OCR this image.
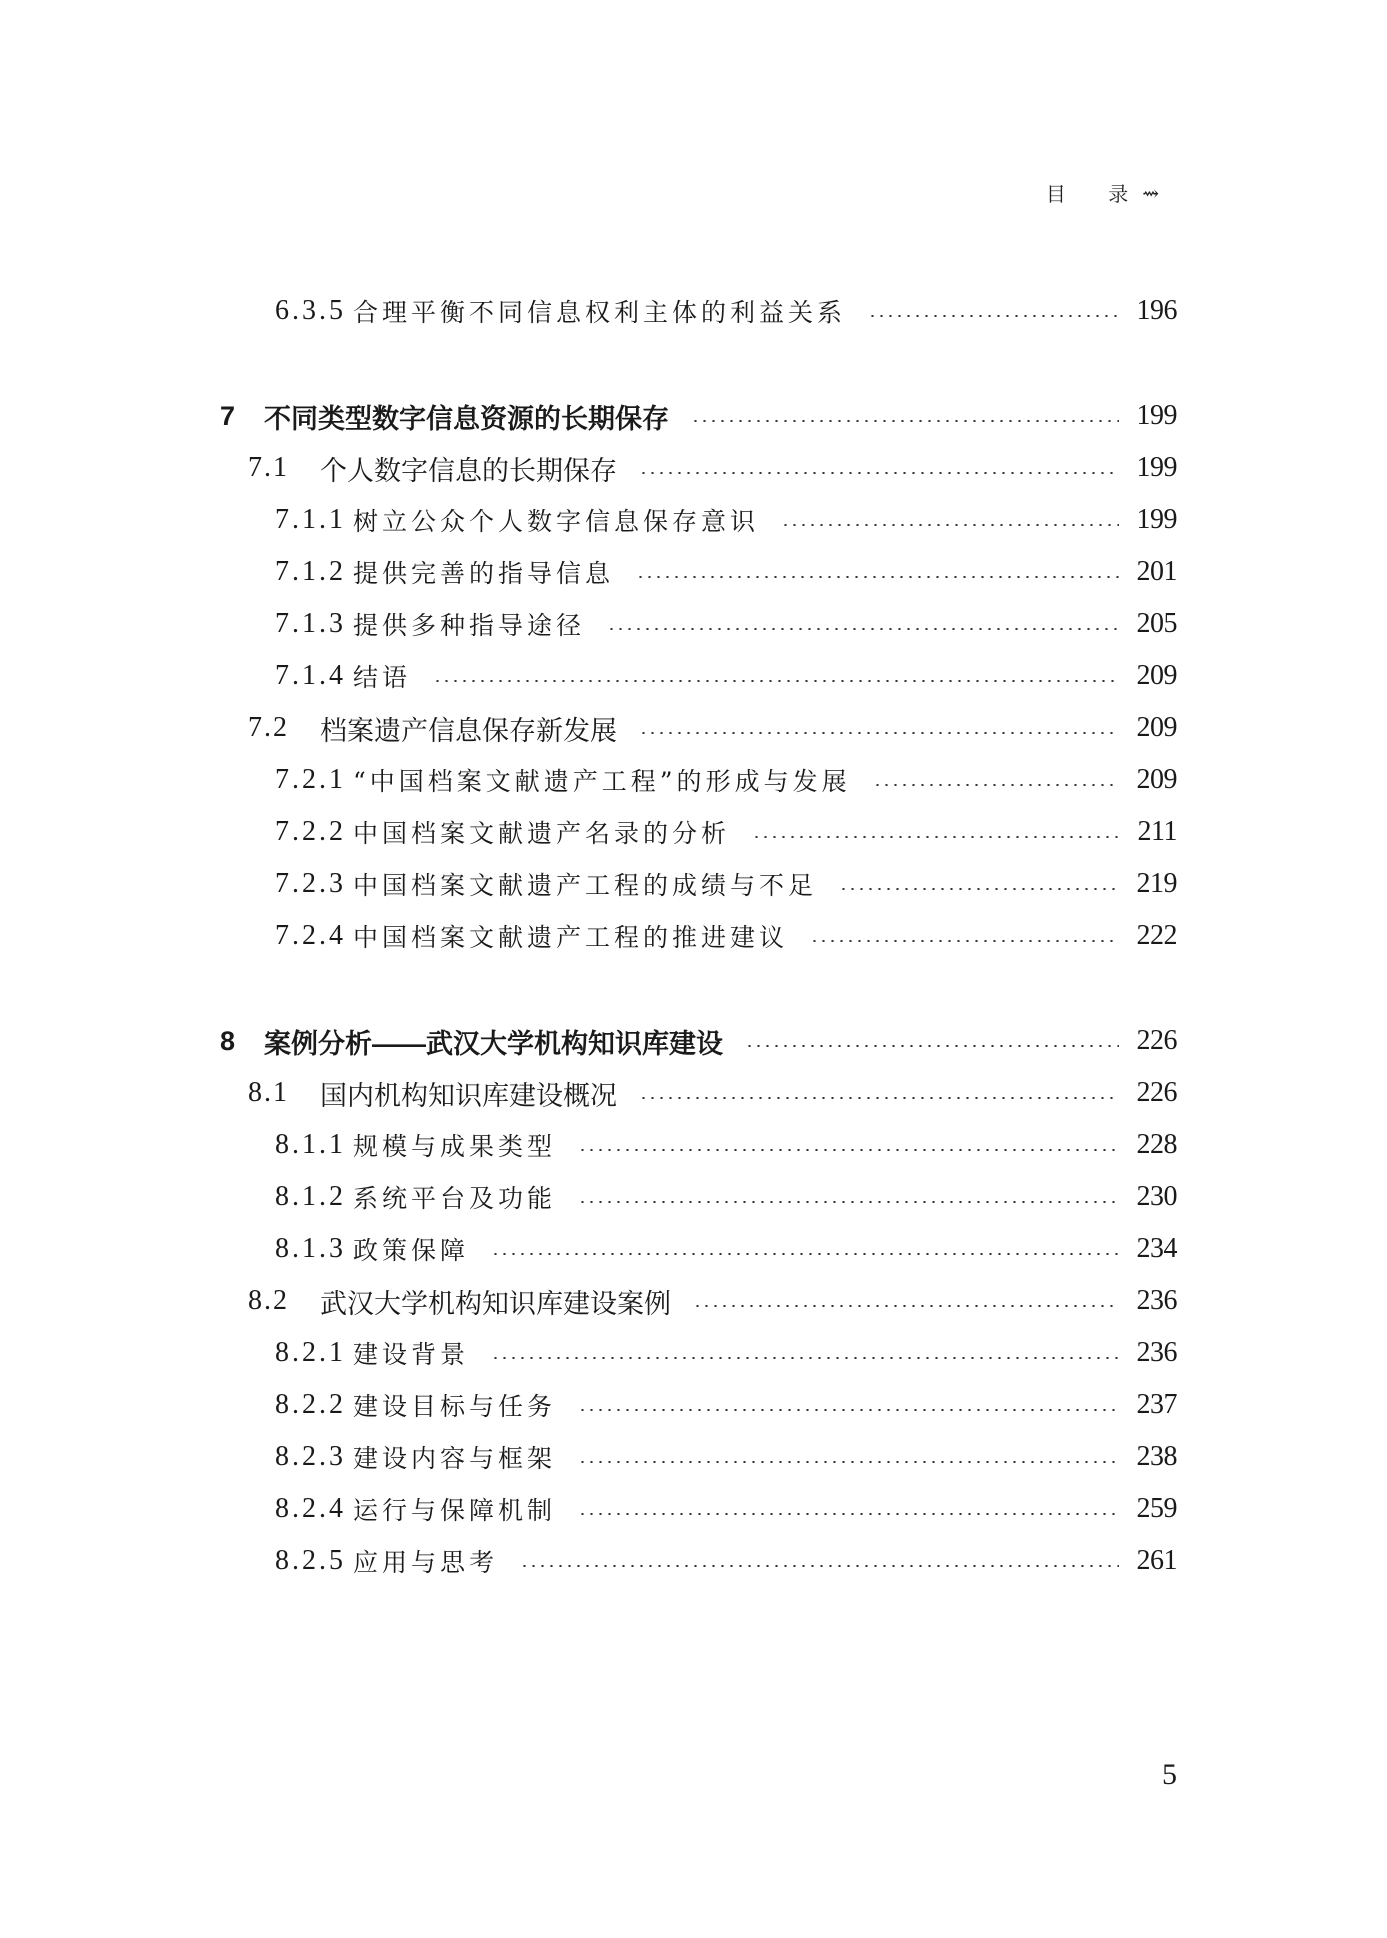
目 录
⇝
6.3.5 合理平衡不同信息权利主体的利益关系	196
7	不同类型数字信息资源的长期保存	199
7.1	个人数字信息的长期保存	199
7.1.1 树立公众个人数字信息保存意识	199
7.1.2 提供完善的指导信息	201
7.1.3 提供多种指导途径	205
7.1.4 结语	209
7.2	档案遗产信息保存新发展	209
7.2.1 “中国档案文献遗产工程”的形成与发展	209
7.2.2 中国档案文献遗产名录的分析	211
7.2.3 中国档案文献遗产工程的成绩与不足	219
7.2.4 中国档案文献遗产工程的推进建议	222
8	案例分析——武汉大学机构知识库建设	226
8.1	国内机构知识库建设概况	226
8.1.1 规模与成果类型	228
8.1.2 系统平台及功能	230
8.1.3 政策保障	234
8.2	武汉大学机构知识库建设案例	236
8.2.1 建设背景	236
8.2.2 建设目标与任务	237
8.2.3 建设内容与框架	238
8.2.4 运行与保障机制	259
8.2.5 应用与思考	261
5
